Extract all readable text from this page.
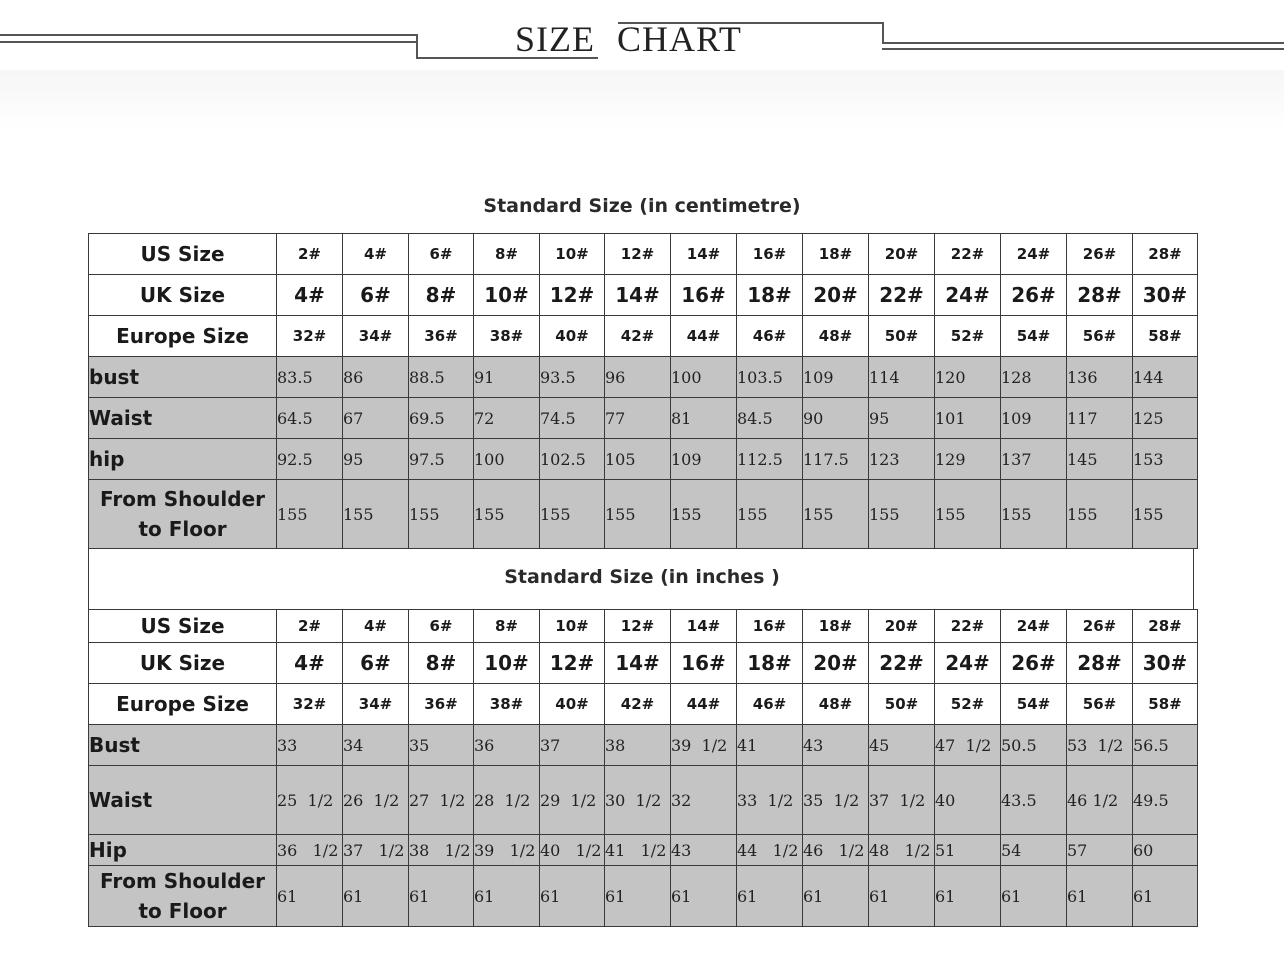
SIZE CHART
Standard Size (in centimetre)
US Size	2#	4#	6#	8#	10#	12#	14#	16#	18#	20#	22#	24#	26#	28#
UK Size	4#	6#	8#	10#	12#	14#	16#	18#	20#	22#	24#	26#	28#	30#
Europe Size	32#	34#	36#	38#	40#	42#	44#	46#	48#	50#	52#	54#	56#	58#
bust	83.5	86	88.5	91	93.5	96	100	103.5	109	114	120	128	136	144
Waist	64.5	67	69.5	72	74.5	77	81	84.5	90	95	101	109	117	125
hip	92.5	95	97.5	100	102.5	105	109	112.5	117.5	123	129	137	145	153
From Shoulder to Floor	155	155	155	155	155	155	155	155	155	155	155	155	155	155
Standard Size (in inches )
US Size	2#	4#	6#	8#	10#	12#	14#	16#	18#	20#	22#	24#	26#	28#
UK Size	4#	6#	8#	10#	12#	14#	16#	18#	20#	22#	24#	26#	28#	30#
Europe Size	32#	34#	36#	38#	40#	42#	44#	46#	48#	50#	52#	54#	56#	58#
Bust	33	34	35	36	37	38	39  1/2	41	43	45	47  1/2	50.5	53  1/2	56.5
Waist	25  1/2	26  1/2	27  1/2	28  1/2	29  1/2	30  1/2	32	33  1/2	35  1/2	37  1/2	40	43.5	46 1/2	49.5
Hip	36   1/2	37   1/2	38   1/2	39   1/2	40   1/2	41   1/2	43	44   1/2	46   1/2	48   1/2	51	54	57	60
From Shoulder to Floor	61	61	61	61	61	61	61	61	61	61	61	61	61	61
